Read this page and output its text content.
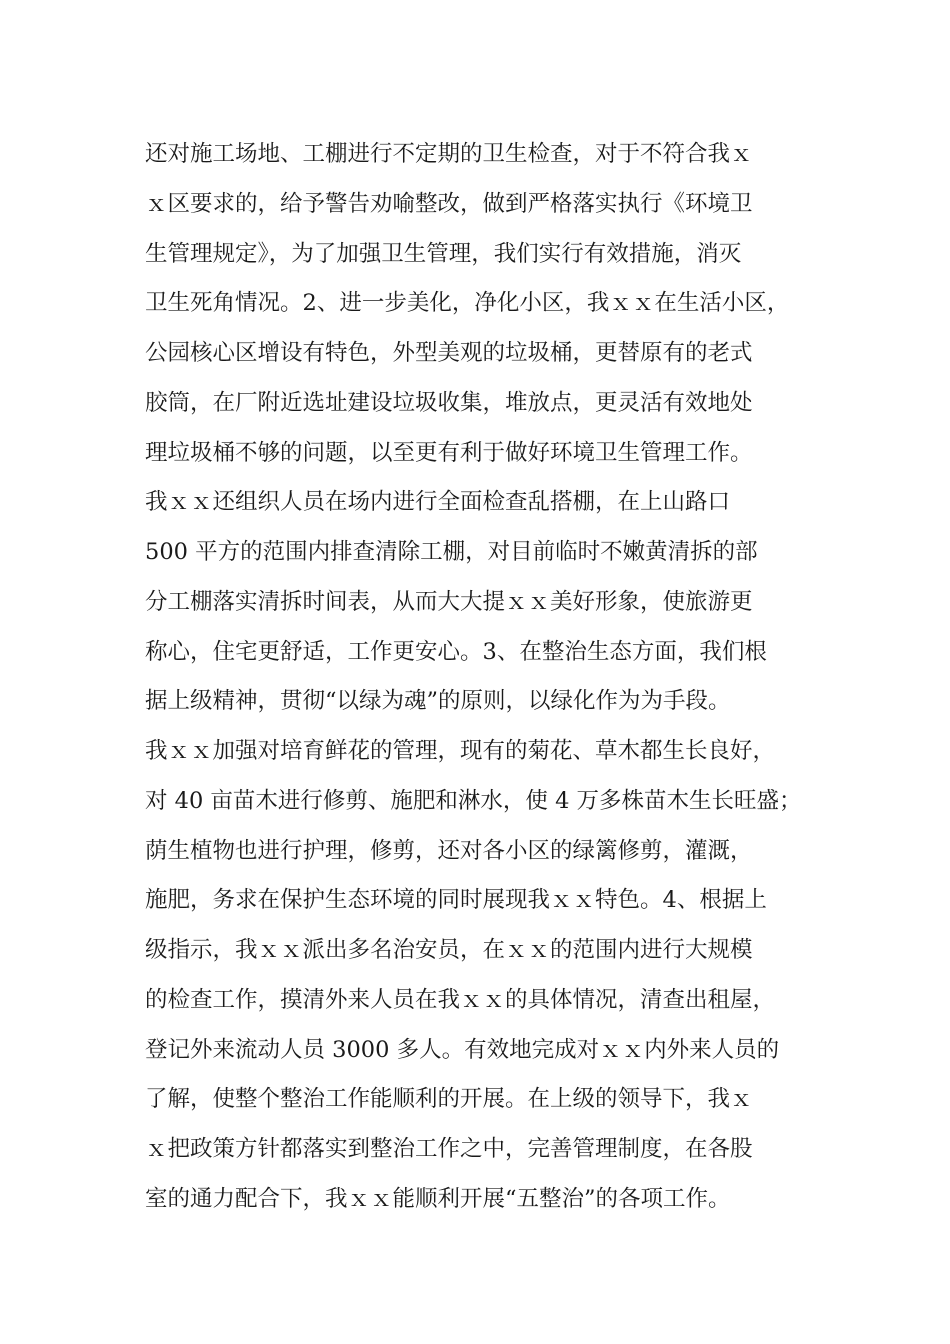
还对施工场地、工棚进行不定期的卫生检查，对于不符合我ｘ
ｘ区要求的，给予警告劝喻整改，做到严格落实执行《环境卫
生管理规定》，为了加强卫生管理，我们实行有效措施，消灭
卫生死角情况。2、进一步美化，净化小区，我ｘｘ在生活小区，
公园核心区增设有特色，外型美观的垃圾桶，更替原有的老式
胶筒，在厂附近选址建设垃圾收集，堆放点，更灵活有效地处
理垃圾桶不够的问题，以至更有利于做好环境卫生管理工作。
我ｘｘ还组织人员在场内进行全面检查乱搭棚，在上山路口
500 平方的范围内排查清除工棚，对目前临时不嫩黄清拆的部
分工棚落实清拆时间表，从而大大提ｘｘ美好形象，使旅游更
称心，住宅更舒适，工作更安心。3、在整治生态方面，我们根
据上级精神，贯彻“以绿为魂”的原则，以绿化作为为手段。
我ｘｘ加强对培育鲜花的管理，现有的菊花、草木都生长良好，
对 40 亩苗木进行修剪、施肥和淋水，使 4 万多株苗木生长旺盛；
荫生植物也进行护理，修剪，还对各小区的绿篱修剪，灌溉，
施肥，务求在保护生态环境的同时展现我ｘｘ特色。4、根据上
级指示，我ｘｘ派出多名治安员，在ｘｘ的范围内进行大规模
的检查工作，摸清外来人员在我ｘｘ的具体情况，清查出租屋，
登记外来流动人员 3000 多人。有效地完成对ｘｘ内外来人员的
了解，使整个整治工作能顺利的开展。在上级的领导下，我ｘ
ｘ把政策方针都落实到整治工作之中，完善管理制度，在各股
室的通力配合下，我ｘｘ能顺利开展“五整治”的各项工作。
